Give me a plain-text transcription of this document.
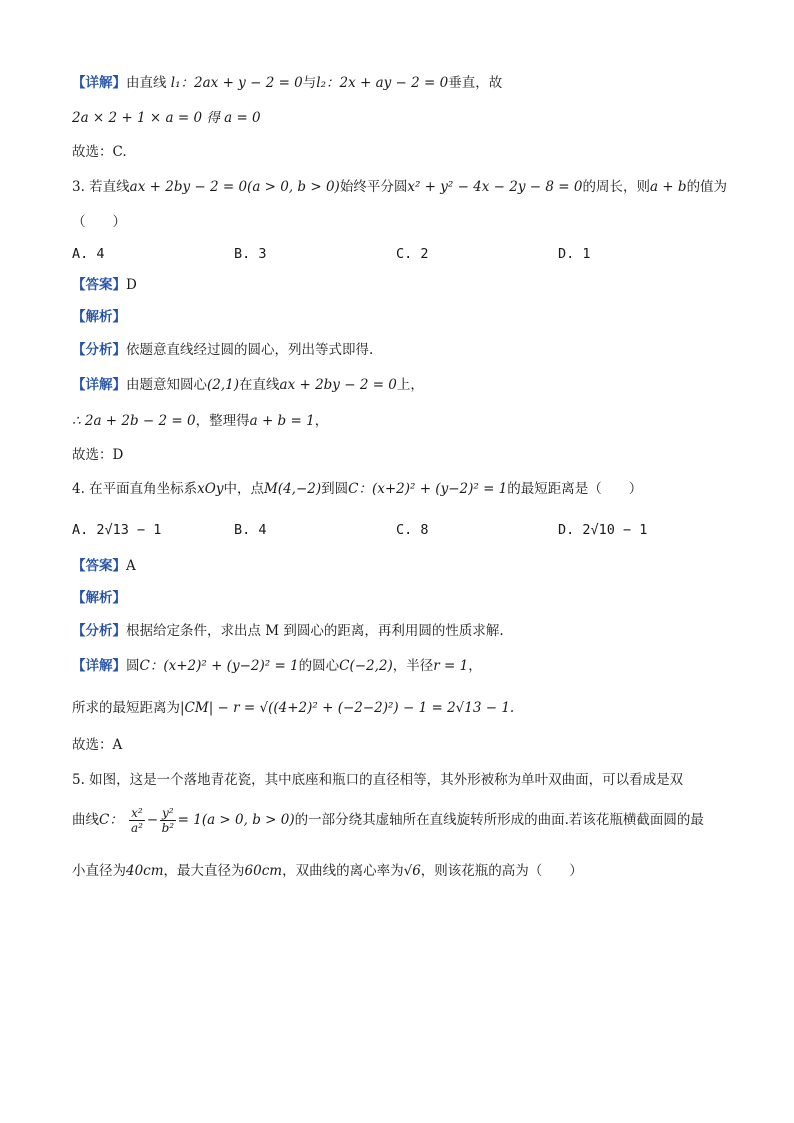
【详解】由直线 l₁：2ax + y − 2 = 0与l₂：2x + ay − 2 = 0垂直，故
2a × 2 + 1 × a = 0 得 a = 0
故选：C.
3. 若直线ax + 2by − 2 = 0(a > 0, b > 0)始终平分圆x² + y² − 4x − 2y − 8 = 0的周长，则a + b的值为
（　　）
A. 4	B. 3	C. 2	D. 1
【答案】D
【解析】
【分析】依题意直线经过圆的圆心，列出等式即得.
【详解】由题意知圆心(2,1)在直线ax + 2by − 2 = 0上，
∴ 2a + 2b − 2 = 0，整理得a + b = 1，
故选：D
4. 在平面直角坐标系xOy中，点M(4,−2)到圆C：(x+2)² + (y−2)² = 1的最短距离是（　　）
A. 2√13 − 1	B. 4	C. 8	D. 2√10 − 1
【答案】A
【解析】
【分析】根据给定条件，求出点 M 到圆心的距离，再利用圆的性质求解.
【详解】圆C：(x+2)² + (y−2)² = 1的圆心C(−2,2)，半径r = 1，
所求的最短距离为|CM| − r = √((4+2)² + (−2−2)²) − 1 = 2√13 − 1.
故选：A
5. 如图，这是一个落地青花瓷，其中底座和瓶口的直径相等，其外形被称为单叶双曲面，可以看成是双
曲线C： $\frac{\text{x²}}{\text{a²}} - \frac{\text{y²}}{\text{b²}} = 1(a > 0$, b > 0)的一部分绕其虚轴所在直线旋转所形成的曲面.若该花瓶横截面圆的最
小直径为40cm，最大直径为60cm，双曲线的离心率为√6，则该花瓶的高为（　　）
